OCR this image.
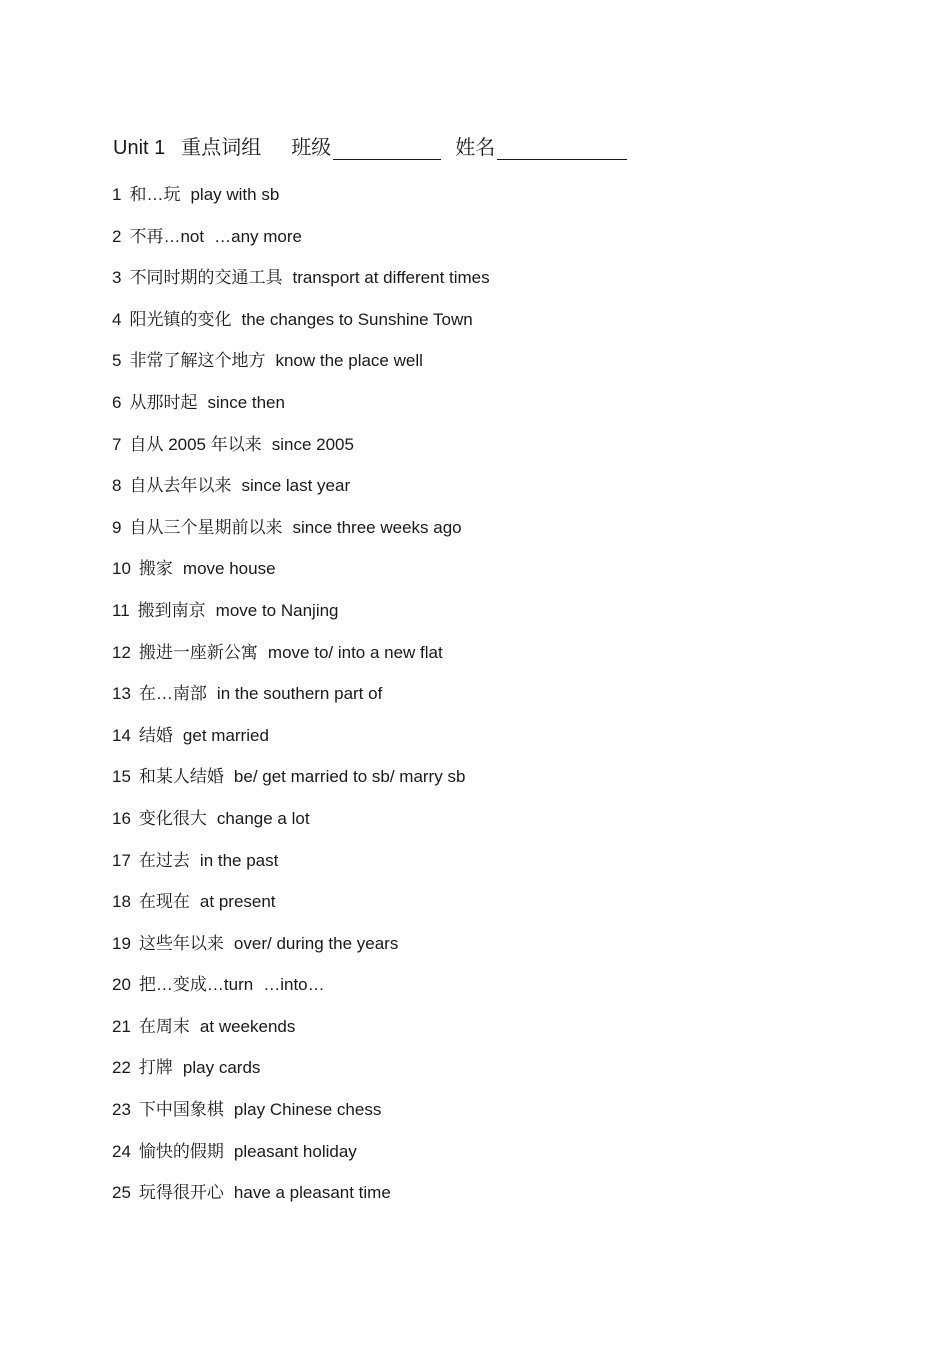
Unit 1 重点词组 班级	姓名
1 和…玩 play with sb
2 不再…not …any more
3 不同时期的交通工具 transport at different times
4 阳光镇的变化 the changes to Sunshine Town
5 非常了解这个地方 know the place well
6 从那时起 since then
7 自从 2005 年以来 since 2005
8 自从去年以来 since last year
9 自从三个星期前以来 since three weeks ago
10 搬家 move house
11 搬到南京 move to Nanjing
12 搬进一座新公寓 move to/ into a new flat
13 在…南部 in the southern part of
14 结婚 get married
15 和某人结婚 be/ get married to sb/ marry sb
16 变化很大 change a lot
17 在过去 in the past
18 在现在 at present
19 这些年以来 over/ during the years
20 把…变成…turn …into…
21 在周末 at weekends
22 打牌 play cards
23 下中国象棋 play Chinese chess
24 愉快的假期 pleasant holiday
25 玩得很开心 have a pleasant time
